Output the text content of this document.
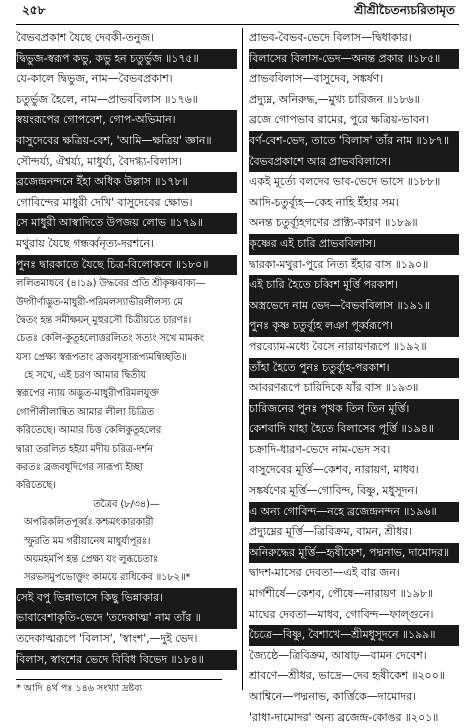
২৫৮	শ্রীশ্রীচৈতন্যচরিতামৃত
বৈভবপ্রকাশ যৈছে দেবকী-তনুজ।
দ্বিভুজ-স্বরূপ কভু, কভু হন চতুর্ভুজ ॥১৭৫॥
যে-কালে দ্বিভুজ, নাম—বৈভবপ্রকাশ।
চতুর্ভুজ হৈলে, নাম—প্রাভববিলাস ॥১৭৬॥
স্বয়ংরূপের গোপবেশ, গোপ-অভিমান।
বাসুদেবের ক্ষত্রিয়-বেশ, 'আমি—ক্ষত্রিয়' জ্ঞান॥
সৌন্দর্য্য, ঐশ্বর্য্য, মাধুর্য্য, বৈদগ্ধ্য-বিলাস।
ব্রজেন্দ্রনন্দনে ইঁহা অধিক উল্লাস ॥১৭৮॥
গোবিন্দের মাধুরী দেখি' বাসুদেবের ক্ষোভ।
সে মাধুরী আস্বাদিতে উপজয় লোভ ॥১৭৯॥
মথুরায় যৈছে গন্ধর্ব্বনৃত্য-দরশনে।
পুনঃ দ্বারকাতে যৈছে চিত্র-বিলোকনে ॥১৮০॥
ললিতমাধবে (৪।১৯) উদ্ধবের প্রতি শ্রীকৃষ্ণবাক্য—
উদ্গীর্ণাদ্ভুত-মাধুরী-পরিমলস্যাভীরলীলস্য মে
দ্বৈতং হন্ত সমীক্ষয়ন্ মুহুরসৌ চিত্রীয়তে চারণঃ।
চেতঃ কেলি-কুতূহলোত্তরলিতং সত্যং সখে মামকং
যস্য প্রেক্ষ্য স্বরূপতাং ব্রজবধূসারূপ্যমন্বিচ্ছতি॥
হে সখে, এই চরণ আমার দ্বিতীয়
স্বরূপের ন্যায় অদ্ভুত-মাধুরীপরিমলযুক্ত
গোপীলীলান্বিত আমার লীলা চিত্রিত
করিতেছে। আমার চিত্ত কেলিকুতূহলের
দ্বারা তরলিত হইয়া মদীয় চরিত্র-দর্শন
করতঃ ব্রজবধূদিগের সারূপ্য ইচ্ছা
করিতেছে।
তত্রৈব (৮/৩৪)—
অপরিকলিতপূর্ব্বঃ কশ্চমৎকারকারী
স্ফুরতি মম গরীয়ানেষ মাধুর্য্যপূরঃ।
অয়মহমপি হন্ত প্রেক্ষ্য যং লুব্ধচেতাঃ
সরভসমুপভোক্তুং কাময়ে রাধিকেব ॥১৮২॥*
সেই বপু ভিন্নাভাসে কিছু ভিন্নাকার।
ভাবাবেশাকৃতি-ভেদে 'তদেকাত্ম' নাম তাঁর ॥
তদেকাত্মরূপে 'বিলাস', 'স্বাংশ',—দুই ভেদ।
বিলাস, স্বাংশের ভেদে বিবিধ বিভেদ ॥১৮৪॥
প্রাভব-বৈভব-ভেদে বিলাস—দ্বিধাকার।
বিলাসের বিলাস-ভেদ—অনন্ত প্রকার ॥১৮৫॥
প্রাভববিলাস—বাসুদেব, সঙ্কর্ষণ।
প্রদ্যুম্ন, অনিরুদ্ধ,—মুখ্য চারিজন ॥১৮৬॥
ব্রজে গোপভাব রামের, পুরে ক্ষত্রিয়-ভাবন।
বর্ণ-বেশ-ভেদ, তাতে 'বিলাস' তাঁর নাম ॥১৮৭॥
বৈভবপ্রকাশে আর প্রাভববিলাসে।
একই মূর্ত্যে বলদেব ভাব-ভেদে ভাসে ॥১৮৮॥
আদি-চতুর্ব্যূহ—কেহ নাহি ইঁহার সম।
অনন্ত চতুর্ব্যূহগণের প্রাক্ট্য-কারণ ॥১৮৯॥
কৃষ্ণের এই চারি প্রাভববিলাস।
দ্বারকা-মথুরা-পুরে নিত্য ইঁহার বাস ॥১৯০॥
এই চারি হৈতে চব্বিশ মূর্ত্তি পরকাশ।
অস্ত্রভেদে নাম ভেদ—বৈভববিলাস ॥১৯১॥
পুনঃ কৃষ্ণ চতুর্ব্যূহ লঞা পূর্ব্বরূপে।
পরব্যোম-মধ্যে বৈসে নারায়ণরূপে ॥১৯২॥
তাঁহা হৈতে পুনঃ চতুর্ব্যূহ-পরকাশ।
আবরণরূপে চারিদিকে যাঁর বাস ॥১৯৩॥
চারিজনের পুনঃ পৃথক তিন তিন মূর্ত্তি।
কেশবাদি যাহা হৈতে বিলাসের পূর্ত্তি ॥১৯৪॥
চক্রাদি-ধারণ-ভেদে নাম-ভেদ সব।
বাসুদেবের মূর্ত্তি—কেশব, নারায়ণ, মাধব।
সঙ্কর্ষণের মূর্ত্তি—গোবিন্দ, বিষ্ণু, মধুসূদন।
এ অন্য গোবিন্দ—নহে ব্রজেন্দ্রনন্দন ॥১৯৬॥
প্রদ্যুম্নের মূর্ত্তি—ত্রিবিক্রম, বামন, শ্রীধর।
অনিরুদ্ধের মূর্ত্তি—হৃষীকেশ, পদ্মনাভ, দামোদর॥
দ্বাদশ-মাসের দেবতা—এই বার জন।
মার্গশীর্ষে—কেশব, পৌষে—নারায়ণ ॥১৯৮॥
মাঘের দেবতা—মাধব, গোবিন্দ—ফাল্গুনে।
চৈত্রে—বিষ্ণু, বৈশাখে—শ্রীমধুসূদনে ॥১৯৯॥
জ্যৈষ্ঠে—ত্রিবিক্রম, আষাঢ়—বামন দেবেশ।
শ্রাবণে—শ্রীধর, ভাদ্রে—দেব হৃষীকেশ ॥২০০॥
আশ্বিনে—পদ্মনাভ, কার্ত্তিকে—দামোদর।
'রাধা-দামোদর' অন্য ব্রজেন্দ্র-কোঙর ॥২০১॥
* আদি ৪র্থ পঃ ১৪৬ সংখ্যা দ্রষ্টব্য
